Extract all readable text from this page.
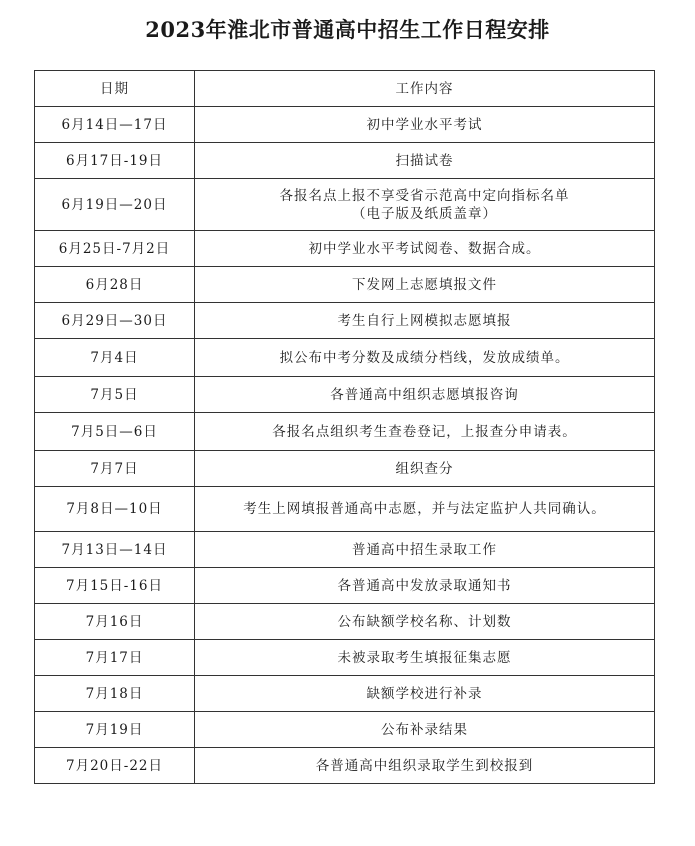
2023年淮北市普通高中招生工作日程安排
日期	工作内容
6月14日—17日	初中学业水平考试
6月17日-19日	扫描试卷
6月19日—20日	各报名点上报不享受省示范高中定向指标名单
（电子版及纸质盖章）

6月25日-7月2日	初中学业水平考试阅卷、数据合成。
6月28日	下发网上志愿填报文件
6月29日—30日	考生自行上网模拟志愿填报
7月4日	拟公布中考分数及成绩分档线，发放成绩单。
7月5日	各普通高中组织志愿填报咨询
7月5日—6日	各报名点组织考生查卷登记，上报查分申请表。
7月7日	组织查分
7月8日—10日	考生上网填报普通高中志愿，并与法定监护人共同确认。
7月13日—14日	普通高中招生录取工作
7月15日-16日	各普通高中发放录取通知书
7月16日	公布缺额学校名称、计划数
7月17日	未被录取考生填报征集志愿
7月18日	缺额学校进行补录
7月19日	公布补录结果
7月20日-22日	各普通高中组织录取学生到校报到
